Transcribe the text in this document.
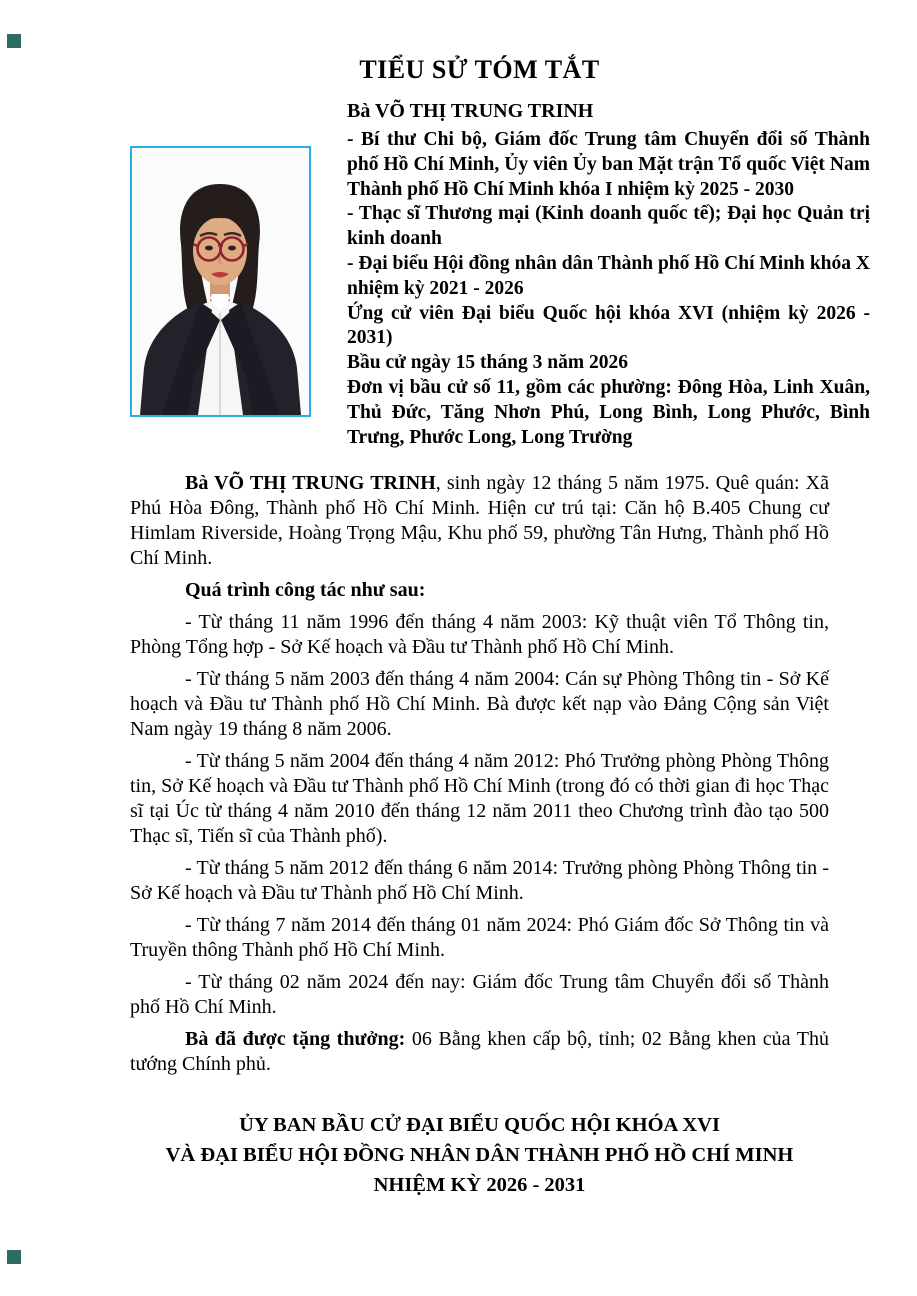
TIỂU SỬ TÓM TẮT

Bà VÕ THỊ TRUNG TRINH

- Bí thư Chi bộ, Giám đốc Trung tâm Chuyển đổi số Thành phố Hồ Chí Minh, Ủy viên Ủy ban Mặt trận Tổ quốc Việt Nam Thành phố Hồ Chí Minh khóa I nhiệm kỳ 2025 - 2030

- Thạc sĩ Thương mại (Kinh doanh quốc tế); Đại học Quản trị kinh doanh

- Đại biểu Hội đồng nhân dân Thành phố Hồ Chí Minh khóa X nhiệm kỳ 2021 - 2026

Ứng cử viên Đại biểu Quốc hội khóa XVI (nhiệm kỳ 2026 - 2031)

Bầu cử ngày 15 tháng 3 năm 2026

Đơn vị bầu cử số 11, gồm các phường: Đông Hòa, Linh Xuân, Thủ Đức, Tăng Nhơn Phú, Long Bình, Long Phước, Bình Trưng, Phước Long, Long Trường

Bà VÕ THỊ TRUNG TRINH, sinh ngày 12 tháng 5 năm 1975. Quê quán: Xã Phú Hòa Đông, Thành phố Hồ Chí Minh. Hiện cư trú tại: Căn hộ B.405 Chung cư Himlam Riverside, Hoàng Trọng Mậu, Khu phố 59, phường Tân Hưng, Thành phố Hồ Chí Minh.

Quá trình công tác như sau:

- Từ tháng 11 năm 1996 đến tháng 4 năm 2003: Kỹ thuật viên Tổ Thông tin, Phòng Tổng hợp - Sở Kế hoạch và Đầu tư Thành phố Hồ Chí Minh.

- Từ tháng 5 năm 2003 đến tháng 4 năm 2004: Cán sự Phòng Thông tin - Sở Kế hoạch và Đầu tư Thành phố Hồ Chí Minh. Bà được kết nạp vào Đảng Cộng sản Việt Nam ngày 19 tháng 8 năm 2006.

- Từ tháng 5 năm 2004 đến tháng 4 năm 2012: Phó Trưởng phòng Phòng Thông tin, Sở Kế hoạch và Đầu tư Thành phố Hồ Chí Minh (trong đó có thời gian đi học Thạc sĩ tại Úc từ tháng 4 năm 2010 đến tháng 12 năm 2011 theo Chương trình đào tạo 500 Thạc sĩ, Tiến sĩ của Thành phố).

- Từ tháng 5 năm 2012 đến tháng 6 năm 2014: Trưởng phòng Phòng Thông tin - Sở Kế hoạch và Đầu tư Thành phố Hồ Chí Minh.

- Từ tháng 7 năm 2014 đến tháng 01 năm 2024: Phó Giám đốc Sở Thông tin và Truyền thông Thành phố Hồ Chí Minh.

- Từ tháng 02 năm 2024 đến nay: Giám đốc Trung tâm Chuyển đổi số Thành phố Hồ Chí Minh.

Bà đã được tặng thưởng: 06 Bằng khen cấp bộ, tỉnh; 02 Bằng khen của Thủ tướng Chính phủ.

ỦY BAN BẦU CỬ ĐẠI BIỂU QUỐC HỘI KHÓA XVI
VÀ ĐẠI BIỂU HỘI ĐỒNG NHÂN DÂN THÀNH PHỐ HỒ CHÍ MINH
NHIỆM KỲ 2026 - 2031
